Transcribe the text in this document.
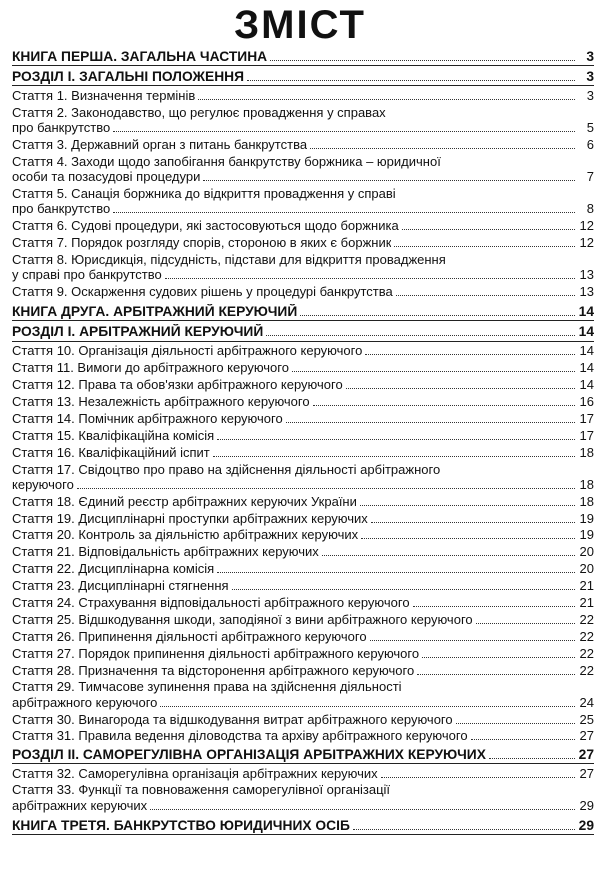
ЗМІСТ
КНИГА ПЕРША. ЗАГАЛЬНА ЧАСТИНА	3
РОЗДІЛ І. ЗАГАЛЬНІ ПОЛОЖЕННЯ	3
Стаття 1. Визначення термінів	3
Стаття 2. Законодавство, що регулює провадження у справах
про банкрутство	5
Стаття 3. Державний орган з питань банкрутства	6
Стаття 4. Заходи щодо запобігання банкрутству боржника – юридичної
особи та позасудові процедури	7
Стаття 5. Санація боржника до відкриття провадження у справі
про банкрутство	8
Стаття 6. Судові процедури, які застосовуються щодо боржника	12
Стаття 7. Порядок розгляду спорів, стороною в яких є боржник	12
Стаття 8. Юрисдикція, підсудність, підстави для відкриття провадження
у справі про банкрутство	13
Стаття 9. Оскарження судових рішень у процедурі банкрутства	13
КНИГА ДРУГА. АРБІТРАЖНИЙ КЕРУЮЧИЙ	14
РОЗДІЛ І. АРБІТРАЖНИЙ КЕРУЮЧИЙ	14
Стаття 10. Організація діяльності арбітражного керуючого	14
Стаття 11. Вимоги до арбітражного керуючого	14
Стаття 12. Права та обов'язки арбітражного керуючого	14
Стаття 13. Незалежність арбітражного керуючого	16
Стаття 14. Помічник арбітражного керуючого	17
Стаття 15. Кваліфікаційна комісія	17
Стаття 16. Кваліфікаційний іспит	18
Стаття 17. Свідоцтво про право на здійснення діяльності арбітражного
керуючого	18
Стаття 18. Єдиний реєстр арбітражних керуючих України	18
Стаття 19. Дисциплінарні проступки арбітражних керуючих	19
Стаття 20. Контроль за діяльністю арбітражних керуючих	19
Стаття 21. Відповідальність арбітражних керуючих	20
Стаття 22. Дисциплінарна комісія	20
Стаття 23. Дисциплінарні стягнення	21
Стаття 24. Страхування відповідальності арбітражного керуючого	21
Стаття 25. Відшкодування шкоди, заподіяної з вини арбітражного керуючого	22
Стаття 26. Припинення діяльності арбітражного керуючого	22
Стаття 27. Порядок припинення діяльності арбітражного керуючого	22
Стаття 28. Призначення та відсторонення арбітражного керуючого	22
Стаття 29. Тимчасове зупинення права на здійснення діяльності
арбітражного керуючого	24
Стаття 30. Винагорода та відшкодування витрат арбітражного керуючого	25
Стаття 31. Правила ведення діловодства та архіву арбітражного керуючого	27
РОЗДІЛ ІІ. САМОРЕГУЛІВНА ОРГАНІЗАЦІЯ АРБІТРАЖНИХ КЕРУЮЧИХ	27
Стаття 32. Саморегулівна організація арбітражних керуючих	27
Стаття 33. Функції та повноваження саморегулівної організації
арбітражних керуючих	29
КНИГА ТРЕТЯ. БАНКРУТСТВО ЮРИДИЧНИХ ОСІБ	29
